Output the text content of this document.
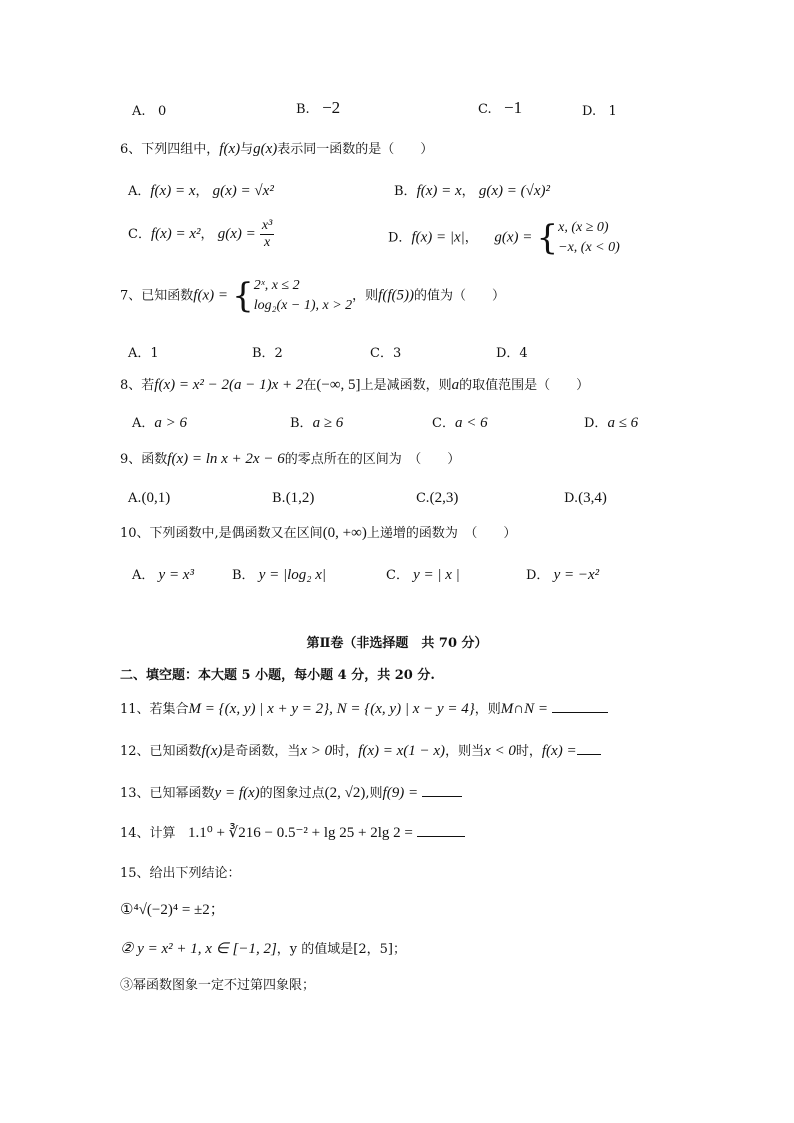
A. 0	B. −2	C. −1	D. 1
6、下列四组中，f(x)与g(x)表示同一函数的是（　　）
A．f(x) = x， g(x) = √x²	B．f(x) = x， g(x) = (√x)²
C．f(x) = x²， $g(x) = \frac{\text{x³}}{x}$	D．f(x) = |x|， g(x) = { x, (x ≥ 0)
−x, (x < 0)
7、已知函数f(x) = { 2ˣ, x ≤ 2
log₂(x − 1), x > 2
，则f(f(5))的值为（　　）
A．1	B．2	C．3	D．4
8、若f(x) = x² − 2(a − 1)x + 2在(−∞, 5]上是减函数，则a的取值范围是（　　）
A．a > 6	B．a ≥ 6	C．a < 6	D．a ≤ 6
9、函数f(x) = ln x + 2x − 6的零点所在的区间为　（　　）
A.(0,1)	B.(1,2)	C.(2,3)	D.(3,4)
10、下列函数中,是偶函数又在区间(0, +∞)上递增的函数为　（　　）
A． y = x³	B． y = |log₂ x|	C． y = | x |	D． y = −x²
第Ⅱ卷（非选择题　共 70 分）
二、填空题：本大题 5 小题，每小题 4 分，共 20 分.
11、若集合M = {(x, y) | x + y = 2}, N = {(x, y) | x − y = 4}，则M∩N =
12、已知函数f(x)是奇函数，当x > 0时，f(x) = x(1 − x)，则当x < 0时，f(x) =
13、已知幂函数y = f(x)的图象过点(2, √2),则f(9) =
14、计算 1.1⁰ + ∛216 − 0.5⁻² + lg 25 + 2lg 2 =
15、给出下列结论：
①⁴√(−2)⁴ = ±2；
② y = x² + 1, x ∈ [−1, 2]，y 的值域是[2，5]；
③幂函数图象一定不过第四象限；
